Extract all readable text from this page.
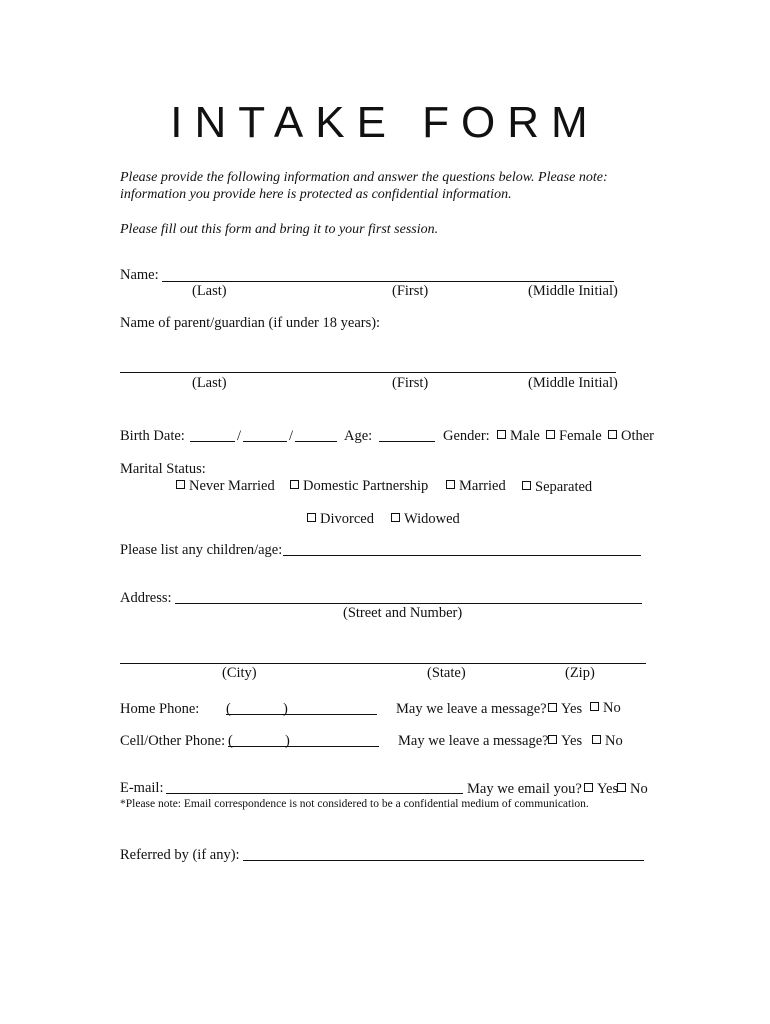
INTAKE FORM
Please provide the following information and answer the questions below. Please note:
information you provide here is protected as confidential information.
Please fill out this form and bring it to your first session.
Name:
(Last)	(First)	(Middle Initial)
Name of parent/guardian (if under 18 years):
(Last)	(First)	(Middle Initial)
Birth Date:	/	/	Age:	Gender:	Male	Female	Other
Marital Status:
Never Married	Domestic Partnership	Married	Separated
Divorced	Widowed
Please list any children/age:
Address:
(Street and Number)
(City)	(State)	(Zip)
Home Phone: (	)	May we leave a message? Yes	No
Cell/Other Phone: (	)	May we leave a message? Yes	No
E-mail:	May we email you?	Yes No
*Please note: Email correspondence is not considered to be a confidential medium of communication.
Referred by (if any):
